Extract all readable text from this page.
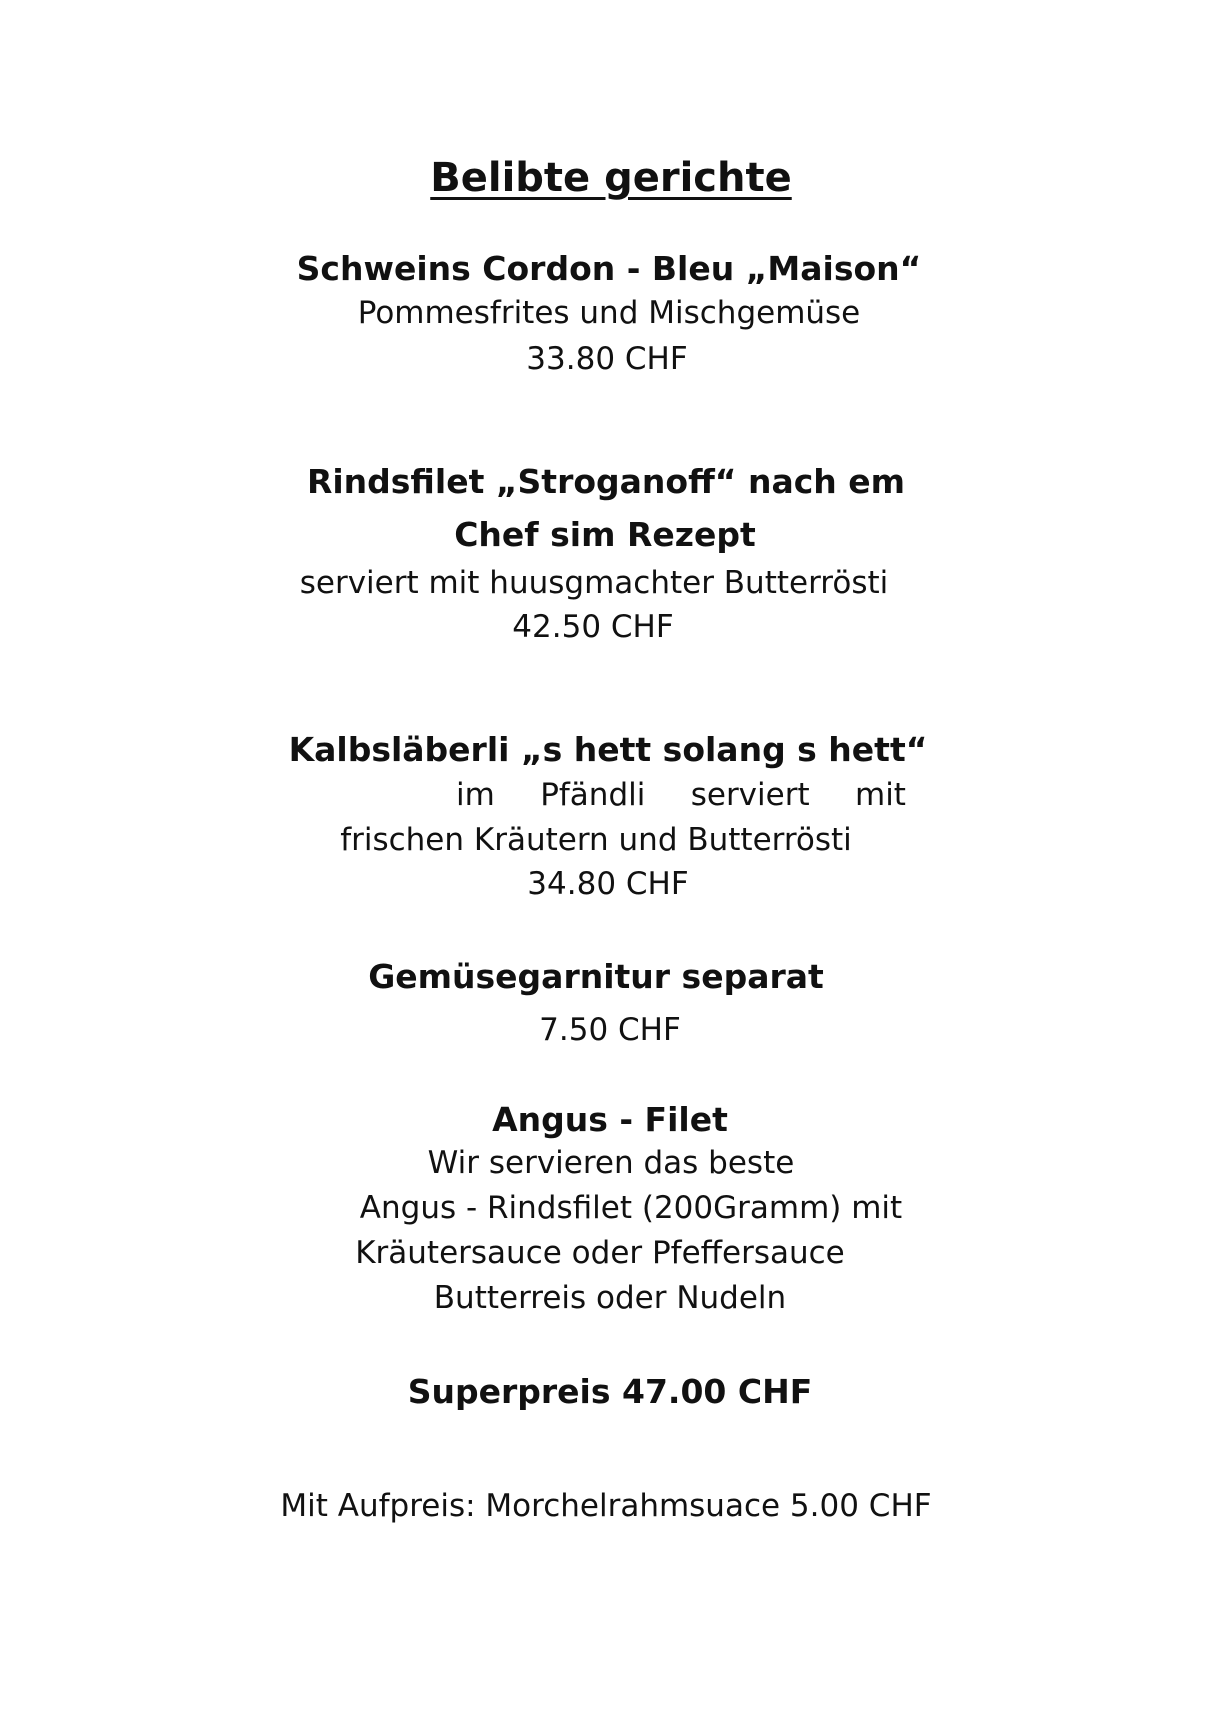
Belibte gerichte
Schweins Cordon - Bleu „Maison“
Pommesfrites und Mischgemüse
33.80 CHF
Rindsfilet „Stroganoff“ nach em
Chef sim Rezept
serviert mit huusgmachter Butterrösti
42.50 CHF
Kalbsläberli „s hett solang s hett“
im Pfändli serviert mit
frischen Kräutern und Butterrösti
34.80 CHF
Gemüsegarnitur separat
7.50 CHF
Angus - Filet
Wir servieren das beste
Angus - Rindsfilet (200Gramm) mit
Kräutersauce oder Pfeffersauce
Butterreis oder Nudeln
Superpreis 47.00 CHF
Mit Aufpreis: Morchelrahmsuace 5.00 CHF
